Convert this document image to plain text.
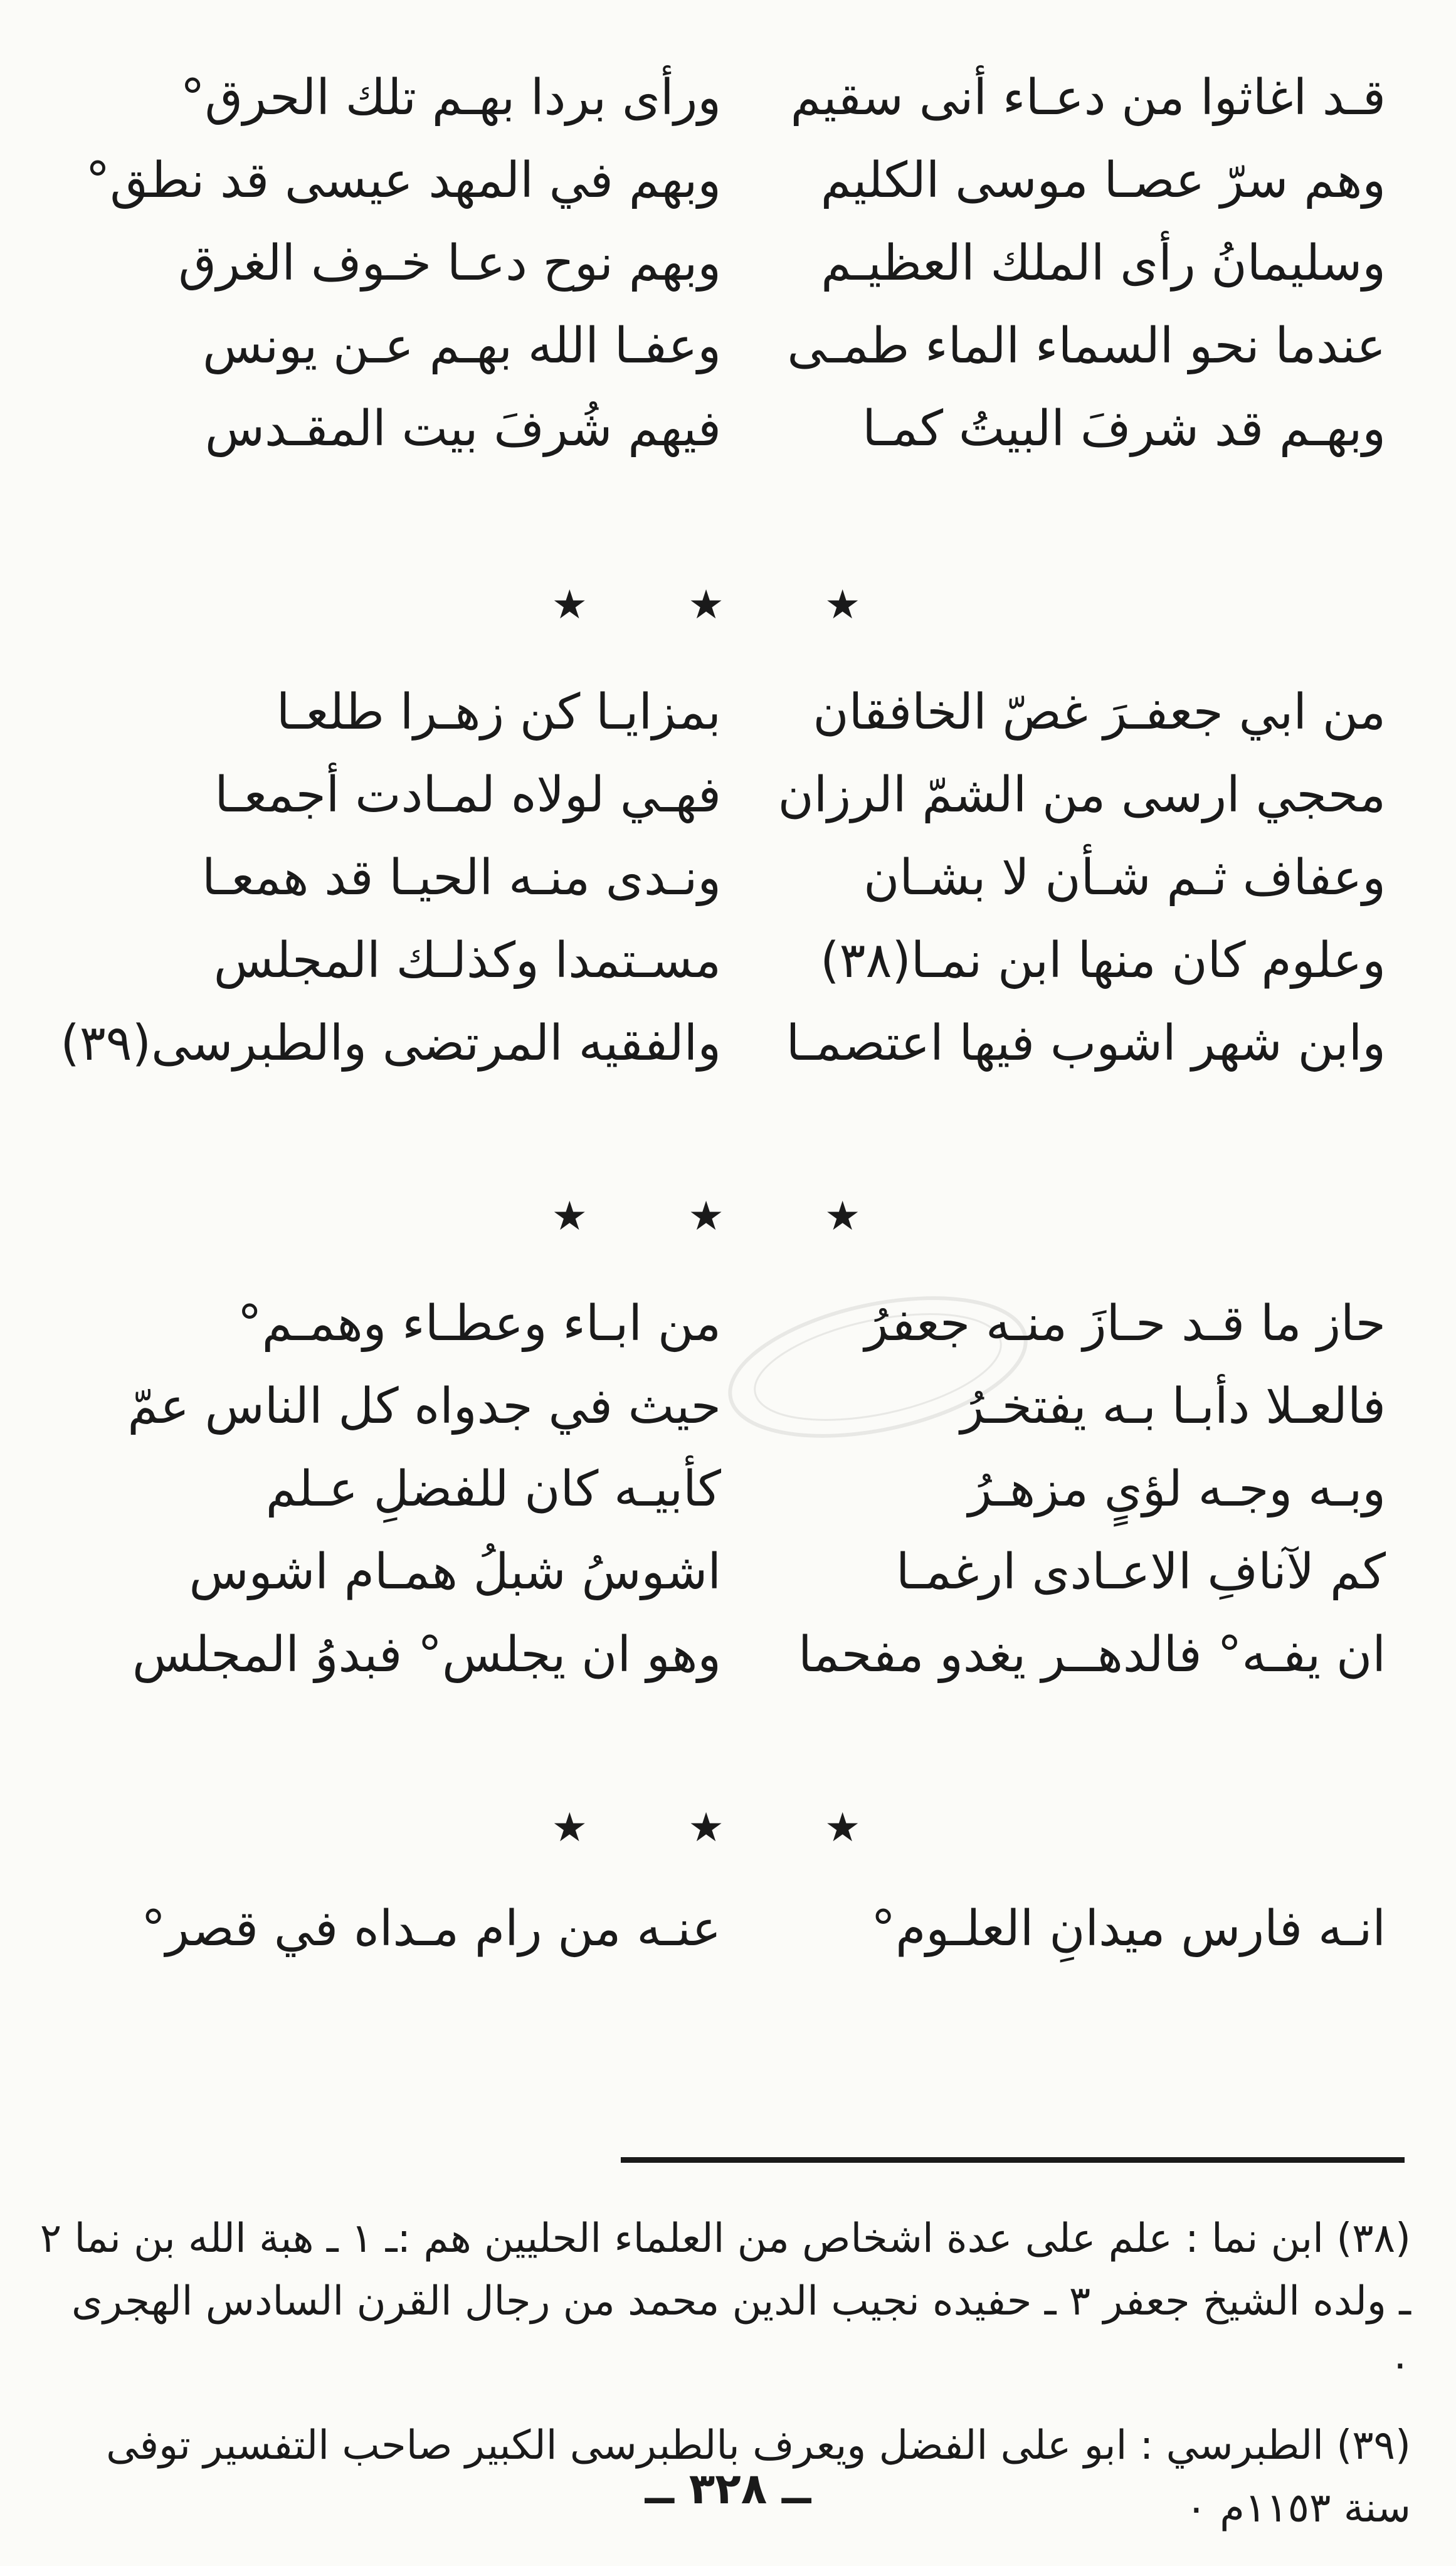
قـد اغاثوا من دعـاء أنى سقيم
ورأى بردا بهـم تلك الحرق°
وهم سرّ عصـا موسى الكليم
وبهم في المهد عيسى قد نطق°
وسليمانُ رأى الملك العظيـم
وبهم نوح دعـا خـوف الغرق
عندما نحو السماء الماء طمـى
وعفـا الله بهـم عـن يونس
وبهـم قد شرفَ البيتُ كمـا
فيهم شُرفَ بيت المقـدس
★ ★ ★
من ابي جعفـرَ غصّ الخافقان
بمزايـا كن زهـرا طلعـا
محجي ارسى من الشمّ الرزان
فهـي لولاه لمـادت أجمعـا
وعفاف ثـم شـأن لا بشـان
ونـدى منـه الحيـا قد همعـا
وعلوم كان منها ابن نمـا(٣٨)
مسـتمدا وكذلـك المجلس
وابن شهر اشوب فيها اعتصمـا
والفقيه المرتضى والطبرسى(٣٩)
★ ★ ★
حاز ما قـد حـازَ منـه جعفرُ
من ابـاء وعطـاء وهمـم°
فالعـلا دأبـا بـه يفتخـرُ
حيث في جدواه كل الناس عمّ
وبـه وجـه لؤىٍ مزهـرُ
كأبيـه كان للفضلِ عـلم
كم لآنافِ الاعـادى ارغمـا
اشوسُ شبلُ همـام اشوس
ان يفـه° فالدهــر يغدو مفحما
وهو ان يجلس° فبدوُ المجلس
★ ★ ★
انـه فارس ميدانِ العلـوم°
عنـه من رام مـداه في قصر°

(٣٨) ابن نما : علم على عدة اشخاص من العلماء الحليين هم :ـ ١ ـ هبة الله بن نما ٢ ـ ولده الشيخ جعفر ٣ ـ حفيده نجيب الدين محمد من رجال القرن السادس الهجرى ٠

(٣٩) الطبرسي : ابو على الفضل ويعرف بالطبرسى الكبير صاحب التفسير توفى سنة ١١٥٣م ٠

ــ ٣٢٨ ــ
